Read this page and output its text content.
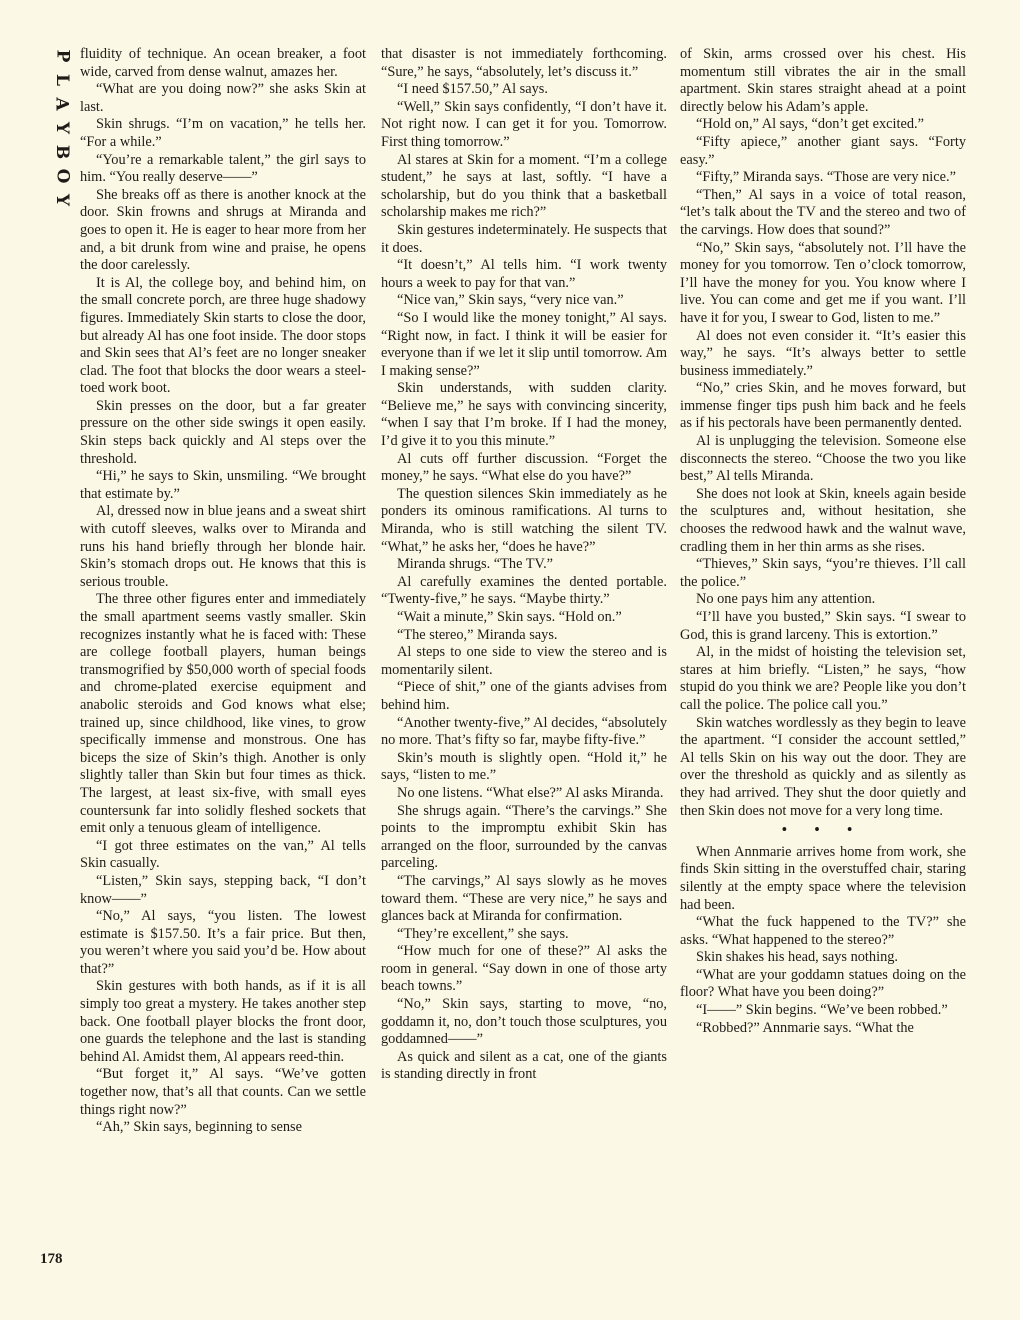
P
L
A
Y
B
O
Y
178

fluidity of technique. An ocean breaker, a foot wide, carved from dense walnut, amazes her.

“What are you doing now?” she asks Skin at last.

Skin shrugs. “I’m on vacation,” he tells her. “For a while.”

“You’re a remarkable talent,” the girl says to him. “You really deserve——”

She breaks off as there is another knock at the door. Skin frowns and shrugs at Miranda and goes to open it. He is eager to hear more from her and, a bit drunk from wine and praise, he opens the door carelessly.

It is Al, the college boy, and behind him, on the small concrete porch, are three huge shadowy figures. Immediately Skin starts to close the door, but already Al has one foot inside. The door stops and Skin sees that Al’s feet are no longer sneaker clad. The foot that blocks the door wears a steel-toed work boot.

Skin presses on the door, but a far greater pressure on the other side swings it open easily. Skin steps back quickly and Al steps over the threshold.

“Hi,” he says to Skin, unsmiling. “We brought that estimate by.”

Al, dressed now in blue jeans and a sweat shirt with cutoff sleeves, walks over to Miranda and runs his hand briefly through her blonde hair. Skin’s stomach drops out. He knows that this is serious trouble.

The three other figures enter and immediately the small apartment seems vastly smaller. Skin recognizes instantly what he is faced with: These are college football players, human beings transmogrified by $50,000 worth of special foods and chrome-plated exercise equipment and anabolic steroids and God knows what else; trained up, since childhood, like vines, to grow specifically immense and monstrous. One has biceps the size of Skin’s thigh. Another is only slightly taller than Skin but four times as thick. The largest, at least six-five, with small eyes countersunk far into solidly fleshed sockets that emit only a tenuous gleam of intelligence.

“I got three estimates on the van,” Al tells Skin casually.

“Listen,” Skin says, stepping back, “I don’t know——”

“No,” Al says, “you listen. The lowest estimate is $157.50. It’s a fair price. But then, you weren’t where you said you’d be. How about that?”

Skin gestures with both hands, as if it is all simply too great a mystery. He takes another step back. One football player blocks the front door, one guards the telephone and the last is standing behind Al. Amidst them, Al appears reed-thin.

“But forget it,” Al says. “We’ve gotten together now, that’s all that counts. Can we settle things right now?”

“Ah,” Skin says, beginning to sense

that disaster is not immediately forthcoming. “Sure,” he says, “absolutely, let’s discuss it.”

“I need $157.50,” Al says.

“Well,” Skin says confidently, “I don’t have it. Not right now. I can get it for you. Tomorrow. First thing tomorrow.”

Al stares at Skin for a moment. “I’m a college student,” he says at last, softly. “I have a scholarship, but do you think that a basketball scholarship makes me rich?”

Skin gestures indeterminately. He suspects that it does.

“It doesn’t,” Al tells him. “I work twenty hours a week to pay for that van.”

“Nice van,” Skin says, “very nice van.”

“So I would like the money tonight,” Al says. “Right now, in fact. I think it will be easier for everyone than if we let it slip until tomorrow. Am I making sense?”

Skin understands, with sudden clarity. “Believe me,” he says with convincing sincerity, “when I say that I’m broke. If I had the money, I’d give it to you this minute.”

Al cuts off further discussion. “Forget the money,” he says. “What else do you have?”

The question silences Skin immediately as he ponders its ominous ramifications. Al turns to Miranda, who is still watching the silent TV. “What,” he asks her, “does he have?”

Miranda shrugs. “The TV.”

Al carefully examines the dented portable. “Twenty-five,” he says. “Maybe thirty.”

“Wait a minute,” Skin says. “Hold on.”

“The stereo,” Miranda says.

Al steps to one side to view the stereo and is momentarily silent.

“Piece of shit,” one of the giants advises from behind him.

“Another twenty-five,” Al decides, “absolutely no more. That’s fifty so far, maybe fifty-five.”

Skin’s mouth is slightly open. “Hold it,” he says, “listen to me.”

No one listens. “What else?” Al asks Miranda.

She shrugs again. “There’s the carvings.” She points to the impromptu exhibit Skin has arranged on the floor, surrounded by the canvas parceling.

“The carvings,” Al says slowly as he moves toward them. “These are very nice,” he says and glances back at Miranda for confirmation.

“They’re excellent,” she says.

“How much for one of these?” Al asks the room in general. “Say down in one of those arty beach towns.”

“No,” Skin says, starting to move, “no, goddamn it, no, don’t touch those sculptures, you goddamned——”

As quick and silent as a cat, one of the giants is standing directly in front

of Skin, arms crossed over his chest. His momentum still vibrates the air in the small apartment. Skin stares straight ahead at a point directly below his Adam’s apple.

“Hold on,” Al says, “don’t get excited.”

“Fifty apiece,” another giant says. “Forty easy.”

“Fifty,” Miranda says. “Those are very nice.”

“Then,” Al says in a voice of total reason, “let’s talk about the TV and the stereo and two of the carvings. How does that sound?”

“No,” Skin says, “absolutely not. I’ll have the money for you tomorrow. Ten o’clock tomorrow, I’ll have the money for you. You know where I live. You can come and get me if you want. I’ll have it for you, I swear to God, listen to me.”

Al does not even consider it. “It’s easier this way,” he says. “It’s always better to settle business immediately.”

“No,” cries Skin, and he moves forward, but immense finger tips push him back and he feels as if his pectorals have been permanently dented.

Al is unplugging the television. Someone else disconnects the stereo. “Choose the two you like best,” Al tells Miranda.

She does not look at Skin, kneels again beside the sculptures and, without hesitation, she chooses the redwood hawk and the walnut wave, cradling them in her thin arms as she rises.

“Thieves,” Skin says, “you’re thieves. I’ll call the police.”

No one pays him any attention.

“I’ll have you busted,” Skin says. “I swear to God, this is grand larceny. This is extortion.”

Al, in the midst of hoisting the television set, stares at him briefly. “Listen,” he says, “how stupid do you think we are? People like you don’t call the police. The police call you.”

Skin watches wordlessly as they begin to leave the apartment. “I consider the account settled,” Al tells Skin on his way out the door. They are over the threshold as quickly and as silently as they had arrived. They shut the door quietly and then Skin does not move for a very long time.

• • •

When Annmarie arrives home from work, she finds Skin sitting in the overstuffed chair, staring silently at the empty space where the television had been.

“What the fuck happened to the TV?” she asks. “What happened to the stereo?”

Skin shakes his head, says nothing.

“What are your goddamn statues doing on the floor? What have you been doing?”

“I——” Skin begins. “We’ve been robbed.”

“Robbed?” Annmarie says. “What the
